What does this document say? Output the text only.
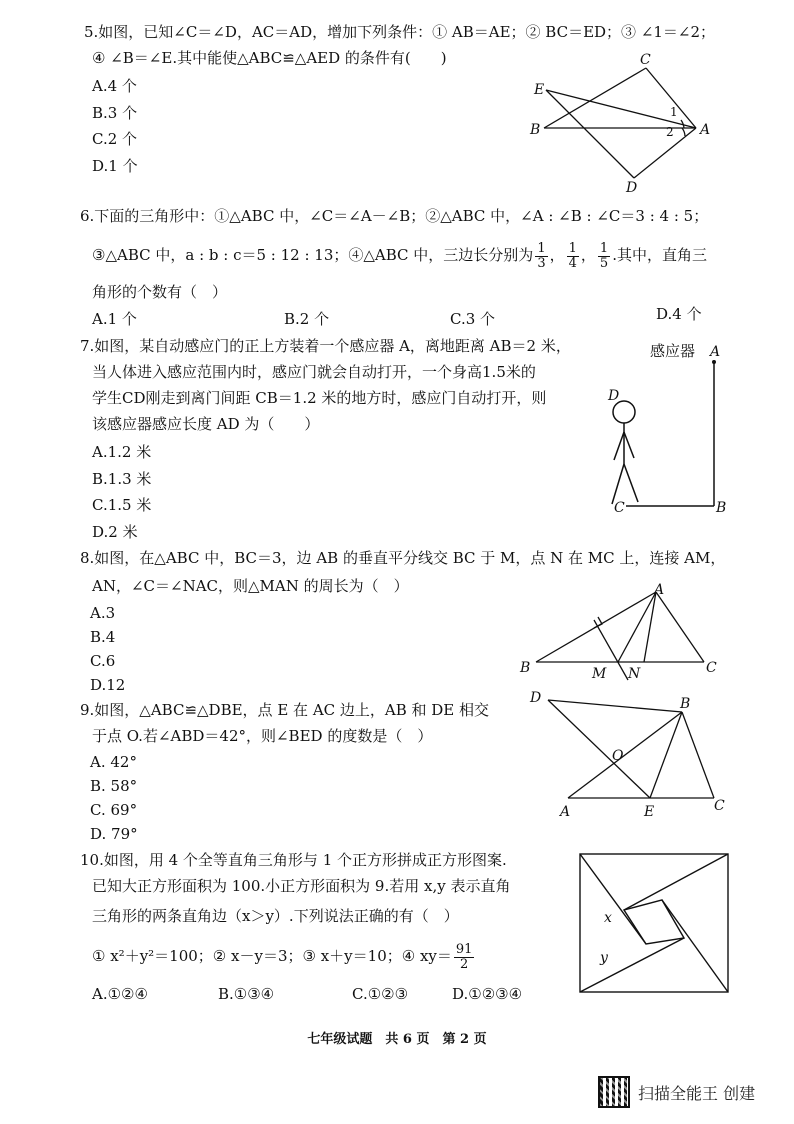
5.如图，已知∠C＝∠D，AC＝AD，增加下列条件：① AB＝AE；② BC＝ED；③ ∠1＝∠2；
④ ∠B＝∠E.其中能使△ABC≌△AED 的条件有(　　)
A.4 个
B.3 个
C.2 个
D.1 个
C
E
B	A
D
1
2
6.下面的三角形中：①△ABC 中，∠C＝∠A－∠B；②△ABC 中，∠A : ∠B : ∠C＝3 : 4 : 5；
③△ABC 中，a : b : c＝5 : 12 : 13；④△ABC 中，三边长分别为 $\frac{1}{3}$ ， $\frac{1}{4}$ ， $\frac{1}{5}$ .其中，直角三
角形的个数有（　）
A.1 个	B.2 个	C.3 个	D.4 个
7.如图，某自动感应门的正上方装着一个感应器 A，离地距离 AB＝2 米，
当人体进入感应范围内时，感应门就会自动打开，一个身高1.5米的
学生CD刚走到离门间距 CB＝1.2 米的地方时，感应门自动打开，则
该感应器感应长度 AD 为（　　）
A.1.2 米
B.1.3 米
C.1.5 米
D.2 米
感应器 A
D
C	B
8.如图，在△ABC 中，BC＝3，边 AB 的垂直平分线交 BC 于 M，点 N 在 MC 上，连接 AM，
AN，∠C＝∠NAC，则△MAN 的周长为（　）
A.3
B.4
C.6
D.12
A
B	M N	C
9.如图，△ABC≌△DBE，点 E 在 AC 边上，AB 和 DE 相交
于点 O.若∠ABD＝42°，则∠BED 的度数是（　）
A. 42°
B. 58°
C. 69°
D. 79°
D	B
O
A	E	C
10.如图，用 4 个全等直角三角形与 1 个正方形拼成正方形图案.
已知大正方形面积为 100.小正方形面积为 9.若用 x,y 表示直角
三角形的两条直角边（x＞y）.下列说法正确的有（　）
① x²＋y²＝100；② x－y＝3；③ x＋y＝10；④ $xy= \frac{91}{2}$
A.①②④	B.①③④	C.①②③	D.①②③④
x
y
七年级试题　共 6 页　第 2 页
扫描全能王 创建
